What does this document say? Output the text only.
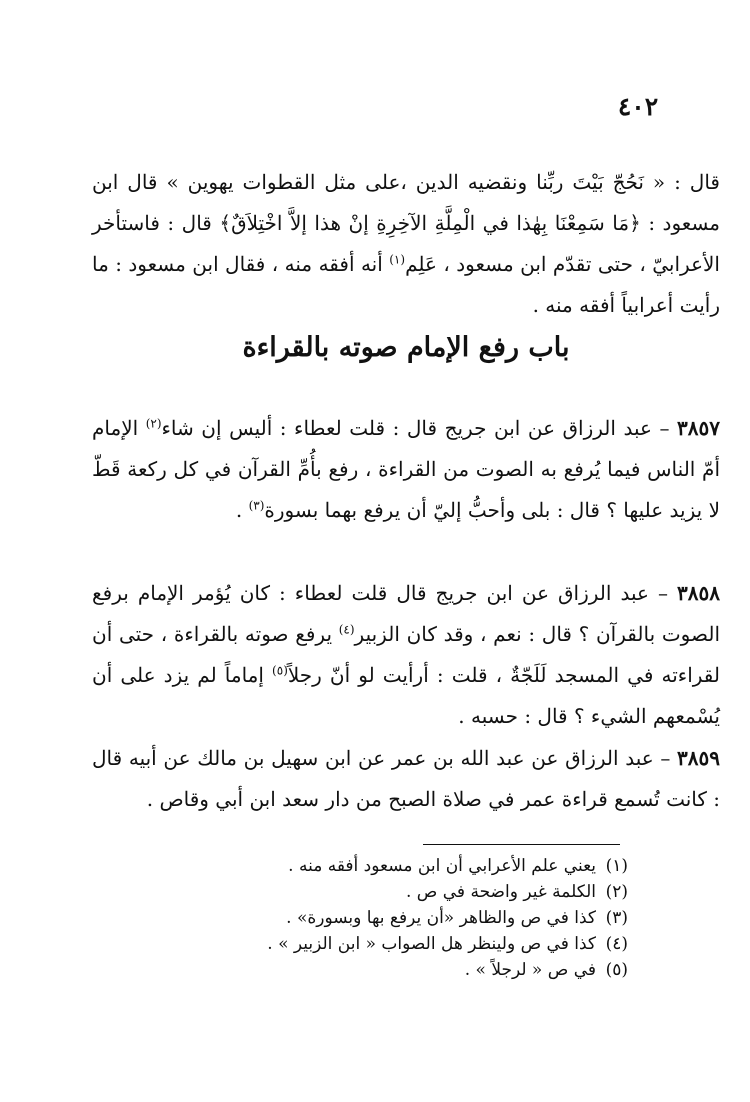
٤٠٢

قال : « نَحُجّ بَيْتَ ربِّنا ونقضيه الدين ،على مثل القطوات يهوين » قال ابن مسعود : ﴿مَا سَمِعْنَا بِهٰذا في الْمِلَّةِ الآخِرِةِ إنْ هذا إلاَّ اخْتِلاَقٌ﴾ قال : فاستأخر الأعرابيّ ، حتى تقدّم ابن مسعود ، عَلِم$^{(١)}$ أنه أفقه منه ، فقال ابن مسعود : ما رأيت أعرابياً أفقه منه .

باب رفع الإمام صوته بالقراءة

٣٨٥٧ – عبد الرزاق عن ابن جريج قال : قلت لعطاء : أليس إن شاء$^{(٢)}$ الإمام أمّ الناس فيما يُرفع به الصوت من القراءة ، رفع بأُمِّ القرآن في كل ركعة قَطّ لا يزيد عليها ؟ قال : بلى وأحبُّ إليّ أن يرفع بهما بسورة$^{(٣)}$ .

٣٨٥٨ – عبد الرزاق عن ابن جريج قال قلت لعطاء : كان يُؤمر الإمام برفع الصوت بالقرآن ؟ قال : نعم ، وقد كان الزبير$^{(٤)}$ يرفع صوته بالقراءة ، حتى أن لقراءته في المسجد لَلَجّةٌ ، قلت : أرأيت لو أنّ رجلاً$^{(٥)}$ إماماً لم يزد على أن يُسْمعهم الشيء ؟ قال : حسبه .

٣٨٥٩ – عبد الرزاق عن عبد الله بن عمر عن ابن سهيل بن مالك عن أبيه قال : كانت تُسمع قراءة عمر في صلاة الصبح من دار سعد ابن أبي وقاص .

(١)يعني علم الأعرابي أن ابن مسعود أفقه منه .
(٢)الكلمة غير واضحة في ص .
(٣)كذا في ص والظاهر «أن يرفع بها وبسورة» .
(٤)كذا في ص ولينظر هل الصواب « ابن الزبير » .
(٥)في ص « لرجلاً » .
